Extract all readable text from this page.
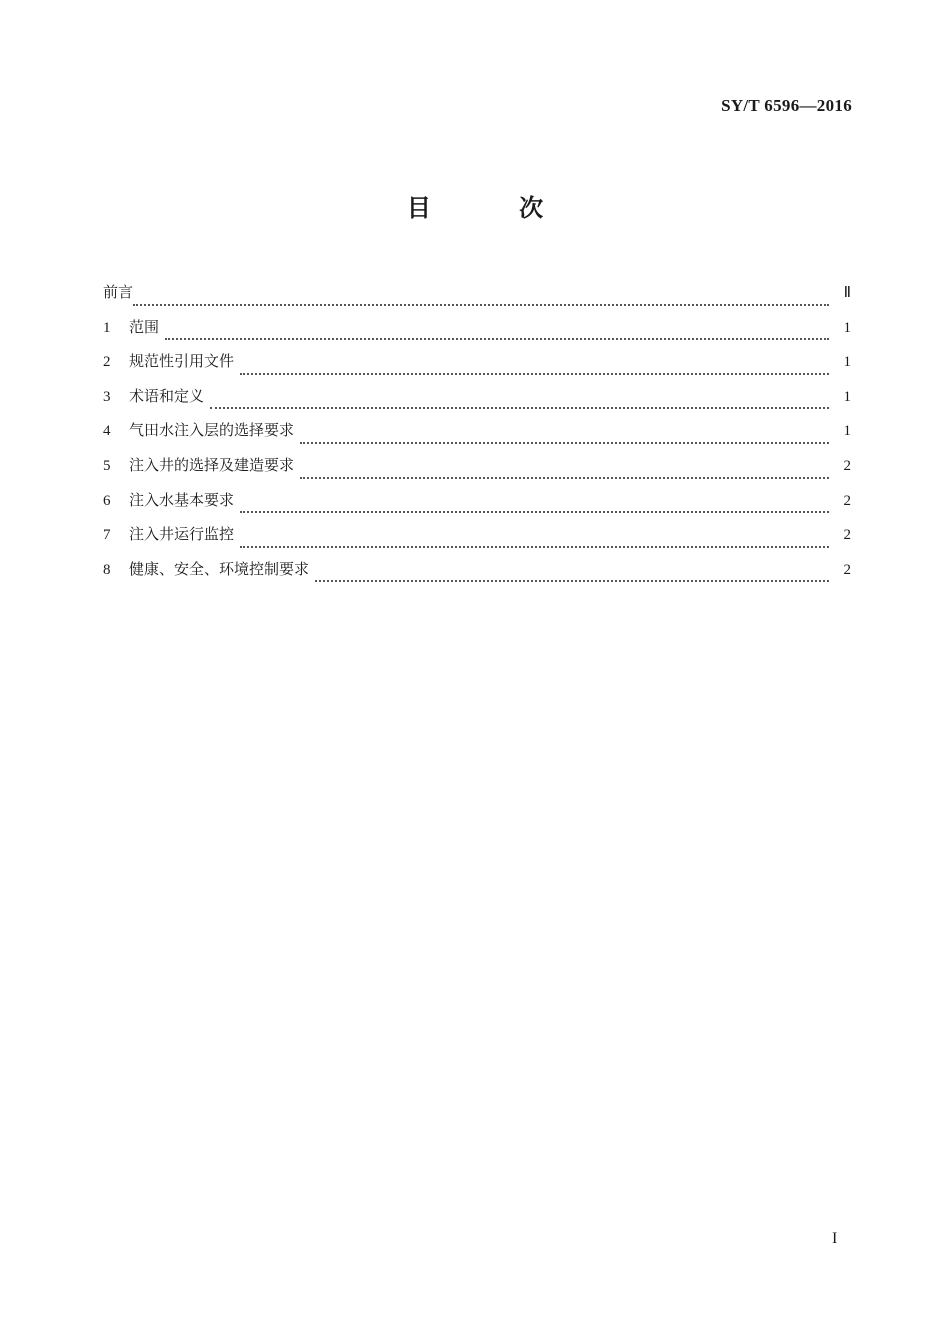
SY/T 6596—2016
目 次
前言	Ⅱ
1	范围	1
2	规范性引用文件	1
3	术语和定义	1
4	气田水注入层的选择要求	1
5	注入井的选择及建造要求	2
6	注入水基本要求	2
7	注入井运行监控	2
8	健康、安全、环境控制要求	2
I
